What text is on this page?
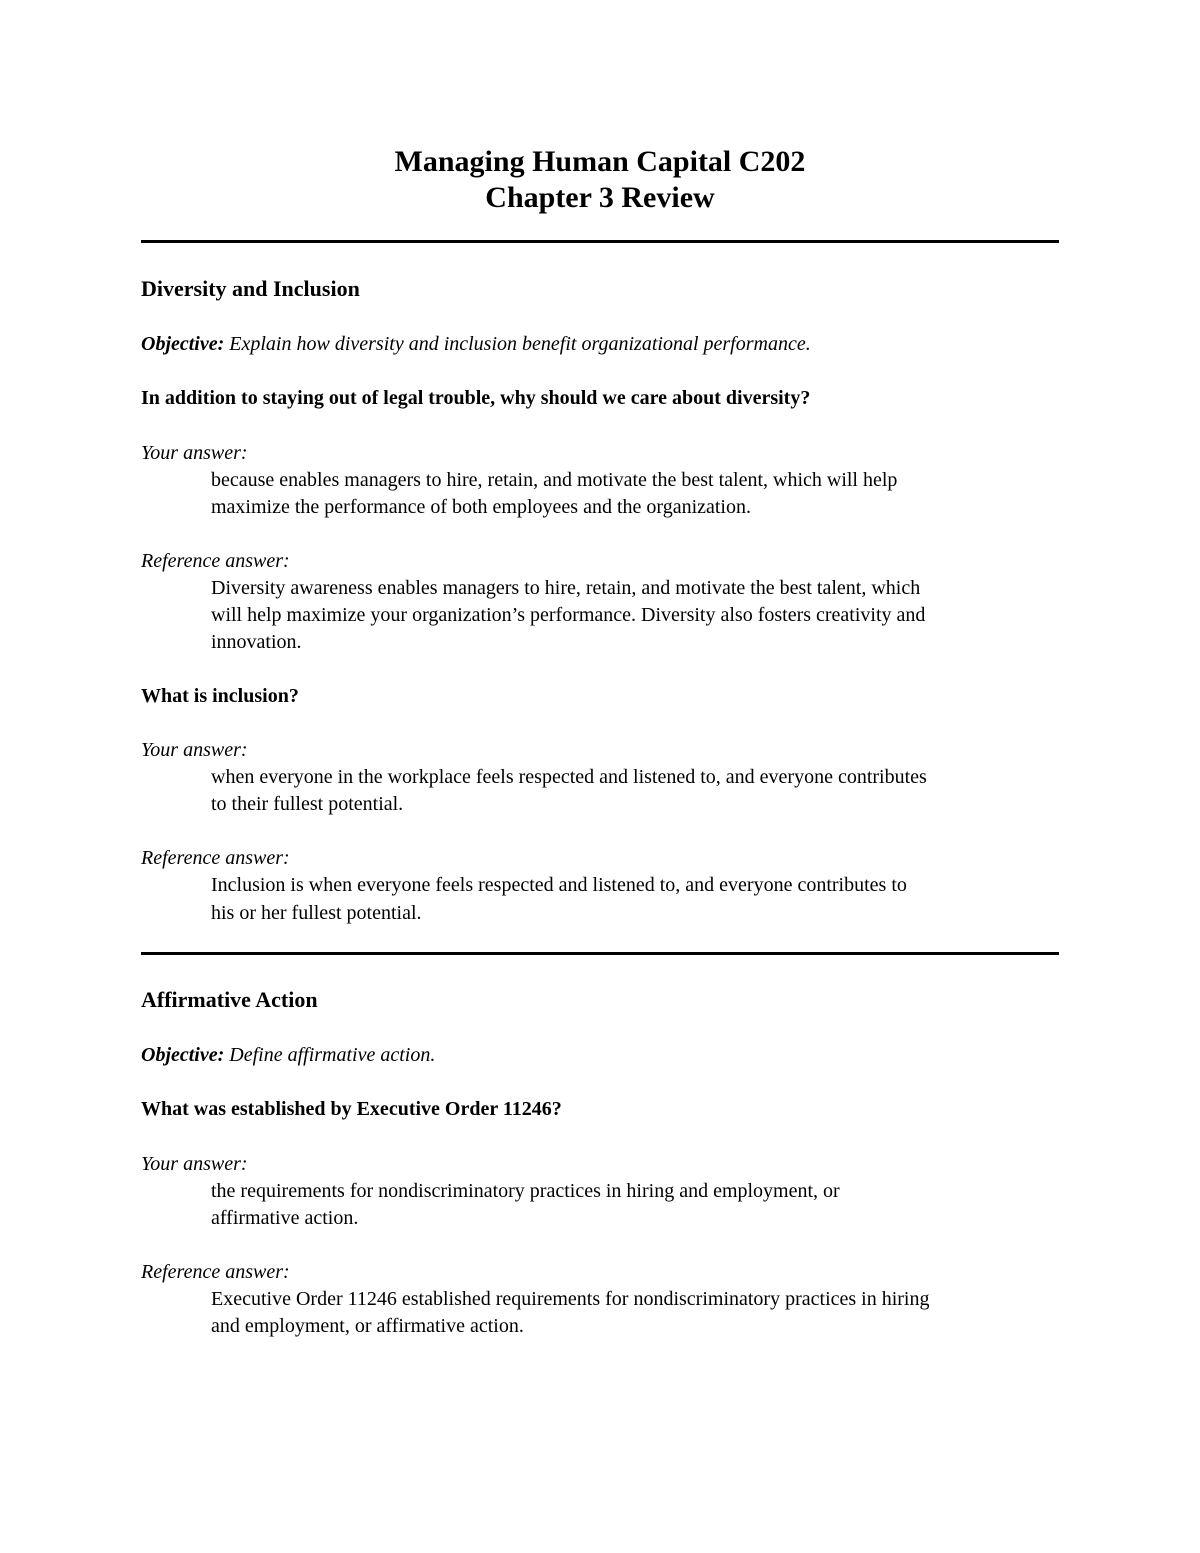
Managing Human Capital C202
Chapter 3 Review
Diversity and Inclusion
Objective: Explain how diversity and inclusion benefit organizational performance.
In addition to staying out of legal trouble, why should we care about diversity?
Your answer:
because enables managers to hire, retain, and motivate the best talent, which will help
maximize the performance of both employees and the organization.
Reference answer:
Diversity awareness enables managers to hire, retain, and motivate the best talent, which
will help maximize your organization’s performance. Diversity also fosters creativity and
innovation.
What is inclusion?
Your answer:
when everyone in the workplace feels respected and listened to, and everyone contributes
to their fullest potential.
Reference answer:
Inclusion is when everyone feels respected and listened to, and everyone contributes to
his or her fullest potential.
Affirmative Action
Objective: Define affirmative action.
What was established by Executive Order 11246?
Your answer:
the requirements for nondiscriminatory practices in hiring and employment, or
affirmative action.
Reference answer:
Executive Order 11246 established requirements for nondiscriminatory practices in hiring
and employment, or affirmative action.
